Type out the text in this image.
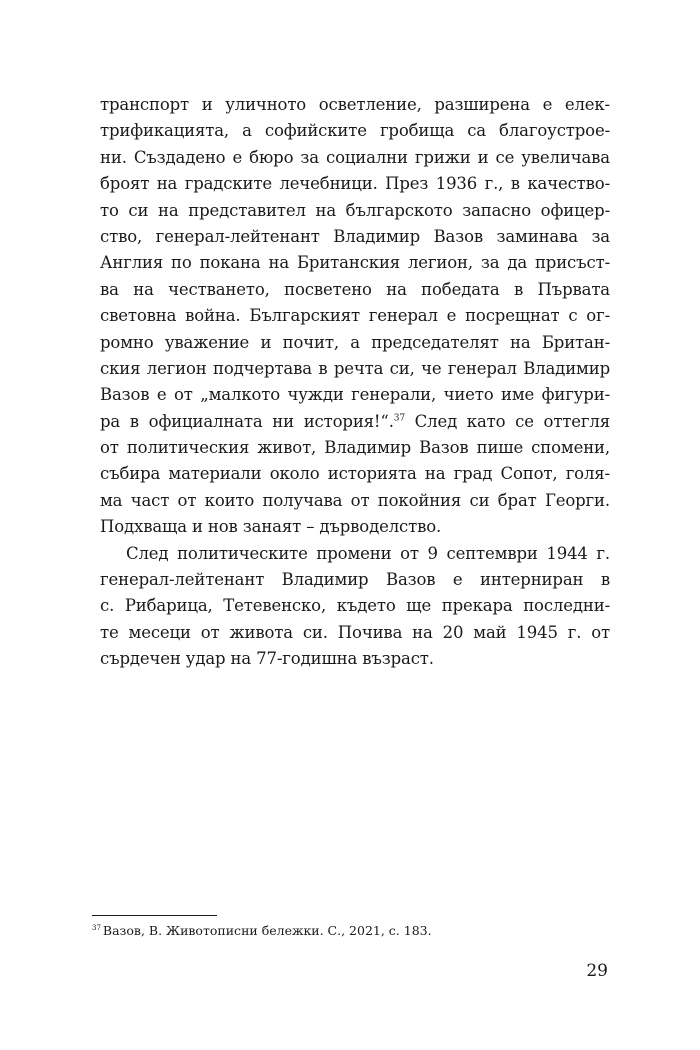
транспорт и уличното осветление, разширена е елек-
трификацията, а софийските гробища са благоустрое-
ни. Създадено е бюро за социални грижи и се увеличава
броят на градските лечебници. През 1936 г., в качество-
то си на представител на българското запасно офицер-
ство, генерал-лейтенант Владимир Вазов заминава за
Англия по покана на Британския легион, за да присъст-
ва на честването, посветено на победата в Първата
световна война. Българският генерал е посрещнат с ог-
ромно уважение и почит, а председателят на Британ-
ския легион подчертава в речта си, че генерал Владимир
Вазов е от „малкото чужди генерали, чието име фигури-
ра в официалната ни история!“.$^{37}$ След като се оттегля
от политическия живот, Владимир Вазов пише спомени,
събира материали около историята на град Сопот, голя-
ма част от които получава от покойния си брат Георги.
Подхваща и нов занаят – дърводелство.
След политическите промени от 9 септември 1944 г.
генерал-лейтенант Владимир Вазов е интерниран в
с. Рибарица, Тетевенско, където ще прекара последни-
те месеци от живота си. Почива на 20 май 1945 г. от
сърдечен удар на 77-годишна възраст.
$^{37}$ Вазов, В. Животописни бележки. С., 2021, с. 183.
29
